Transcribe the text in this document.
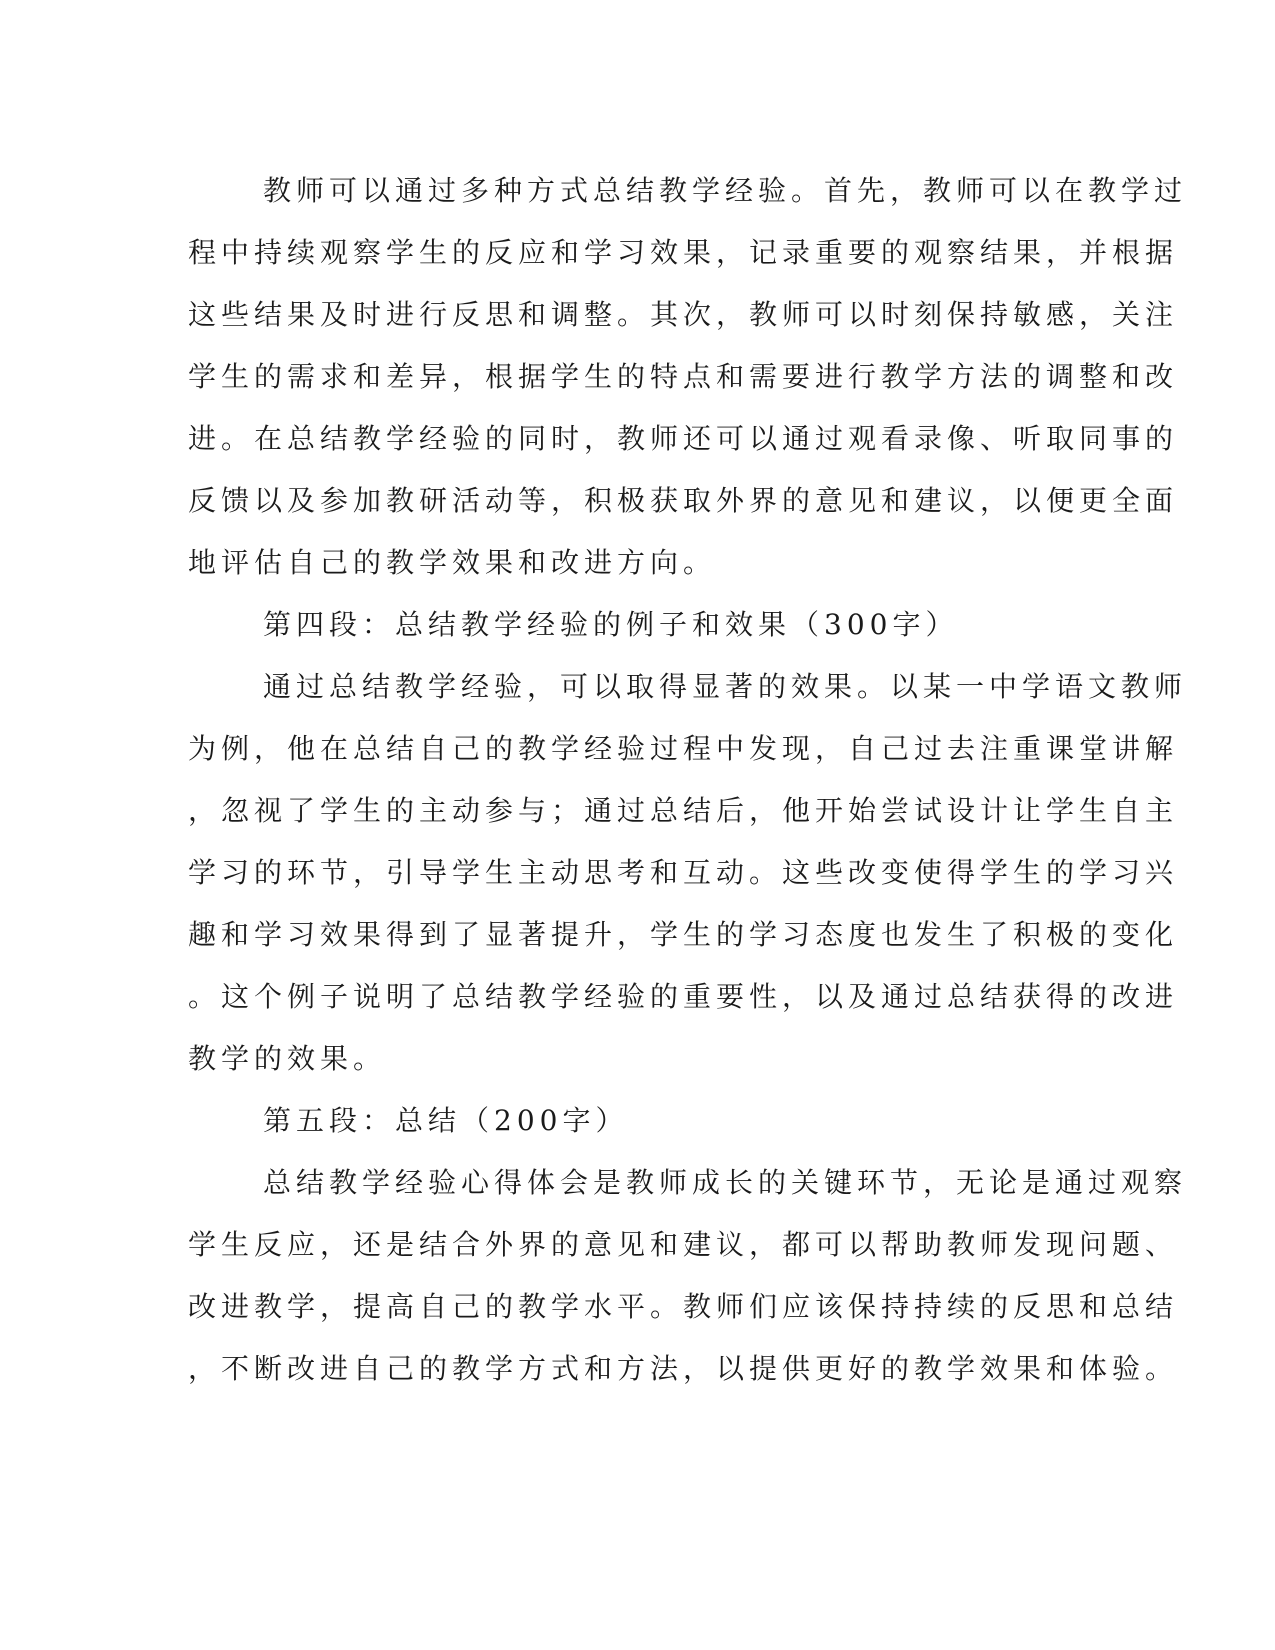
教师可以通过多种方式总结教学经验。首先，教师可以在教学过
程中持续观察学生的反应和学习效果，记录重要的观察结果，并根据
这些结果及时进行反思和调整。其次，教师可以时刻保持敏感，关注
学生的需求和差异，根据学生的特点和需要进行教学方法的调整和改
进。在总结教学经验的同时，教师还可以通过观看录像、听取同事的
反馈以及参加教研活动等，积极获取外界的意见和建议，以便更全面
地评估自己的教学效果和改进方向。
第四段：总结教学经验的例子和效果（300字）
通过总结教学经验，可以取得显著的效果。以某一中学语文教师
为例，他在总结自己的教学经验过程中发现，自己过去注重课堂讲解
，忽视了学生的主动参与；通过总结后，他开始尝试设计让学生自主
学习的环节，引导学生主动思考和互动。这些改变使得学生的学习兴
趣和学习效果得到了显著提升，学生的学习态度也发生了积极的变化
。这个例子说明了总结教学经验的重要性，以及通过总结获得的改进
教学的效果。
第五段：总结（200字）
总结教学经验心得体会是教师成长的关键环节，无论是通过观察
学生反应，还是结合外界的意见和建议，都可以帮助教师发现问题、
改进教学，提高自己的教学水平。教师们应该保持持续的反思和总结
，不断改进自己的教学方式和方法，以提供更好的教学效果和体验。
